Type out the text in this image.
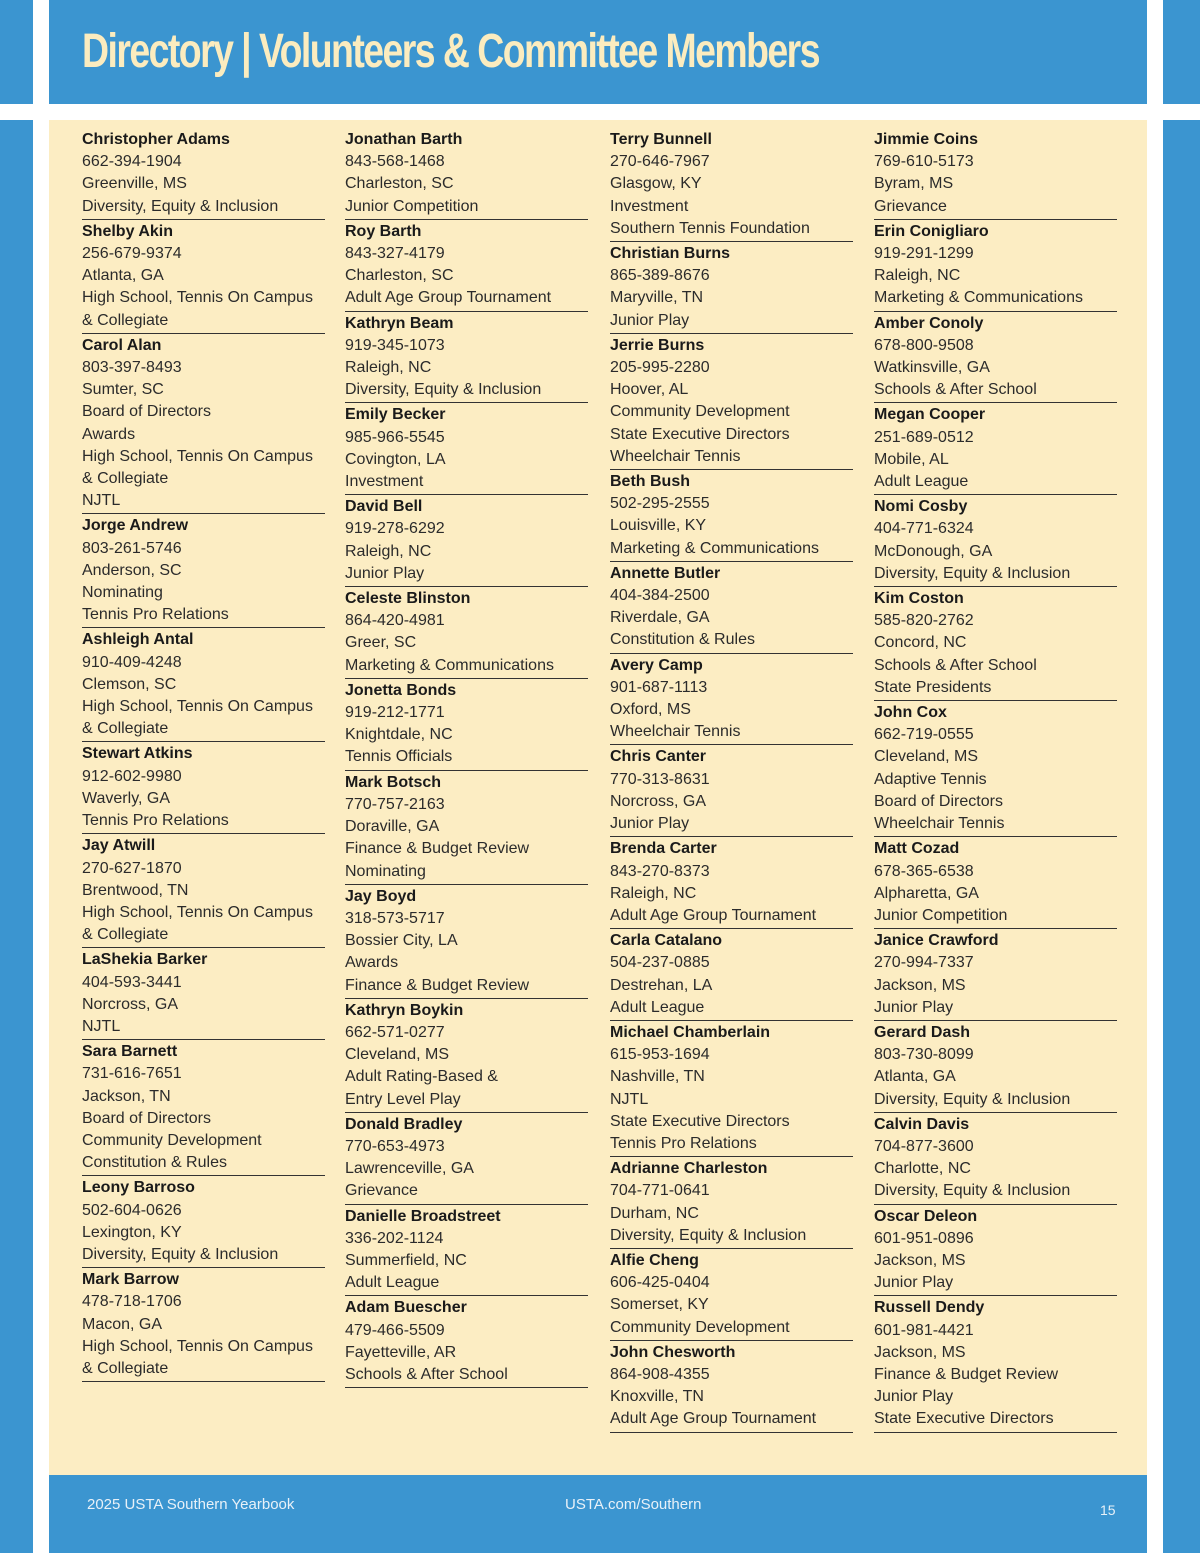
Directory | Volunteers & Committee Members
Christopher Adams
662-394-1904
Greenville, MS
Diversity, Equity & Inclusion
Shelby Akin
256-679-9374
Atlanta, GA
High School, Tennis On Campus
& Collegiate
Carol Alan
803-397-8493
Sumter, SC
Board of Directors
Awards
High School, Tennis On Campus
& Collegiate
NJTL
Jorge Andrew
803-261-5746
Anderson, SC
Nominating
Tennis Pro Relations
Ashleigh Antal
910-409-4248
Clemson, SC
High School, Tennis On Campus
& Collegiate
Stewart Atkins
912-602-9980
Waverly, GA
Tennis Pro Relations
Jay Atwill
270-627-1870
Brentwood, TN
High School, Tennis On Campus
& Collegiate
LaShekia Barker
404-593-3441
Norcross, GA
NJTL
Sara Barnett
731-616-7651
Jackson, TN
Board of Directors
Community Development
Constitution & Rules
Leony Barroso
502-604-0626
Lexington, KY
Diversity, Equity & Inclusion
Mark Barrow
478-718-1706
Macon, GA
High School, Tennis On Campus
& Collegiate
Jonathan Barth
843-568-1468
Charleston, SC
Junior Competition
Roy Barth
843-327-4179
Charleston, SC
Adult Age Group Tournament
Kathryn Beam
919-345-1073
Raleigh, NC
Diversity, Equity & Inclusion
Emily Becker
985-966-5545
Covington, LA
Investment
David Bell
919-278-6292
Raleigh, NC
Junior Play
Celeste Blinston
864-420-4981
Greer, SC
Marketing & Communications
Jonetta Bonds
919-212-1771
Knightdale, NC
Tennis Officials
Mark Botsch
770-757-2163
Doraville, GA
Finance & Budget Review
Nominating
Jay Boyd
318-573-5717
Bossier City, LA
Awards
Finance & Budget Review
Kathryn Boykin
662-571-0277
Cleveland, MS
Adult Rating-Based &
Entry Level Play
Donald Bradley
770-653-4973
Lawrenceville, GA
Grievance
Danielle Broadstreet
336-202-1124
Summerfield, NC
Adult League
Adam Buescher
479-466-5509
Fayetteville, AR
Schools & After School
Terry Bunnell
270-646-7967
Glasgow, KY
Investment
Southern Tennis Foundation
Christian Burns
865-389-8676
Maryville, TN
Junior Play
Jerrie Burns
205-995-2280
Hoover, AL
Community Development
State Executive Directors
Wheelchair Tennis
Beth Bush
502-295-2555
Louisville, KY
Marketing & Communications
Annette Butler
404-384-2500
Riverdale, GA
Constitution & Rules
Avery Camp
901-687-1113
Oxford, MS
Wheelchair Tennis
Chris Canter
770-313-8631
Norcross, GA
Junior Play
Brenda Carter
843-270-8373
Raleigh, NC
Adult Age Group Tournament
Carla Catalano
504-237-0885
Destrehan, LA
Adult League
Michael Chamberlain
615-953-1694
Nashville, TN
NJTL
State Executive Directors
Tennis Pro Relations
Adrianne Charleston
704-771-0641
Durham, NC
Diversity, Equity & Inclusion
Alfie Cheng
606-425-0404
Somerset, KY
Community Development
John Chesworth
864-908-4355
Knoxville, TN
Adult Age Group Tournament
Jimmie Coins
769-610-5173
Byram, MS
Grievance
Erin Conigliaro
919-291-1299
Raleigh, NC
Marketing & Communications
Amber Conoly
678-800-9508
Watkinsville, GA
Schools & After School
Megan Cooper
251-689-0512
Mobile, AL
Adult League
Nomi Cosby
404-771-6324
McDonough, GA
Diversity, Equity & Inclusion
Kim Coston
585-820-2762
Concord, NC
Schools & After School
State Presidents
John Cox
662-719-0555
Cleveland, MS
Adaptive Tennis
Board of Directors
Wheelchair Tennis
Matt Cozad
678-365-6538
Alpharetta, GA
Junior Competition
Janice Crawford
270-994-7337
Jackson, MS
Junior Play
Gerard Dash
803-730-8099
Atlanta, GA
Diversity, Equity & Inclusion
Calvin Davis
704-877-3600
Charlotte, NC
Diversity, Equity & Inclusion
Oscar Deleon
601-951-0896
Jackson, MS
Junior Play
Russell Dendy
601-981-4421
Jackson, MS
Finance & Budget Review
Junior Play
State Executive Directors
2025 USTA Southern Yearbook	USTA.com/Southern	15
